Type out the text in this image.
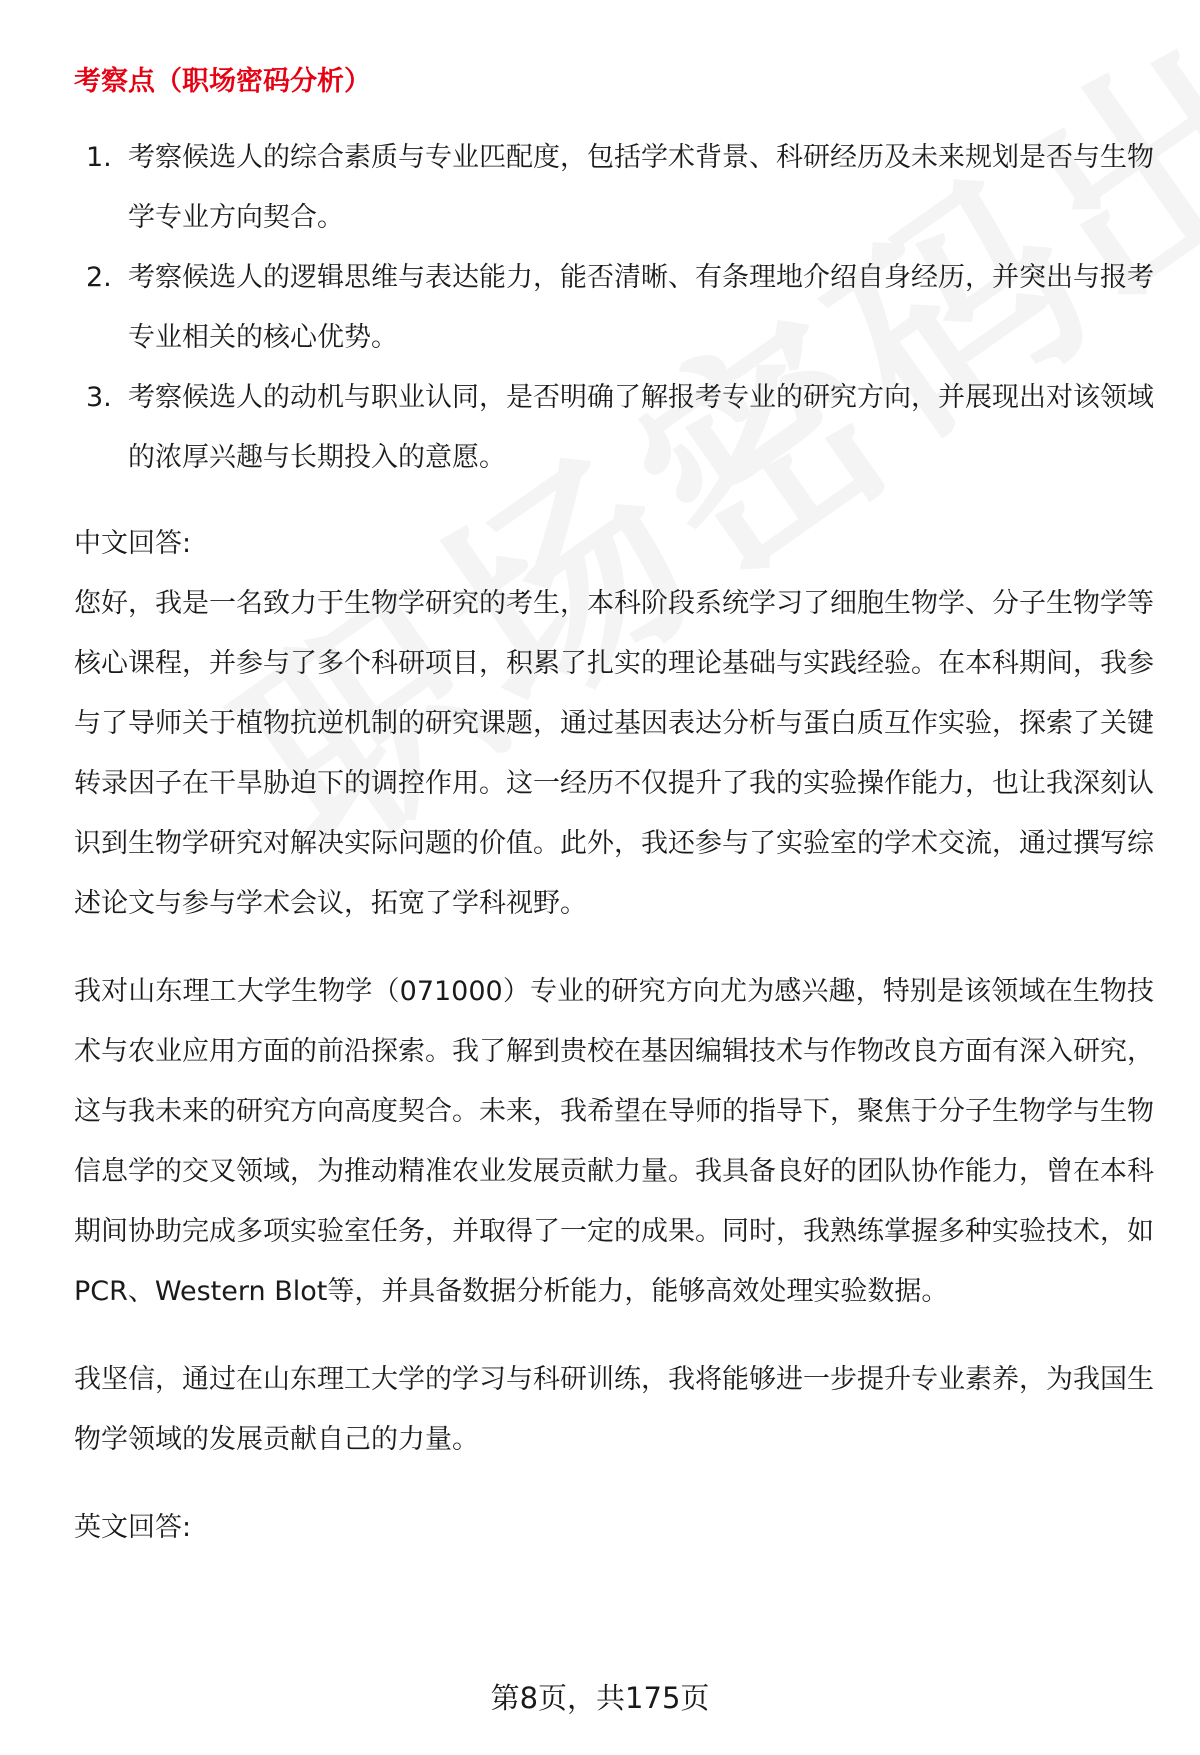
考察点（职场密码分析）
1. 考察候选人的综合素质与专业匹配度，包括学术背景、科研经历及未来规划是否与生物学专业方向契合。
2. 考察候选人的逻辑思维与表达能力，能否清晰、有条理地介绍自身经历，并突出与报考专业相关的核心优势。
3. 考察候选人的动机与职业认同，是否明确了解报考专业的研究方向，并展现出对该领域的浓厚兴趣与长期投入的意愿。
中文回答:

您好，我是一名致力于生物学研究的考生，本科阶段系统学习了细胞生物学、分子生物学等核心课程，并参与了多个科研项目，积累了扎实的理论基础与实践经验。在本科期间，我参与了导师关于植物抗逆机制的研究课题，通过基因表达分析与蛋白质互作实验，探索了关键转录因子在干旱胁迫下的调控作用。这一经历不仅提升了我的实验操作能力，也让我深刻认识到生物学研究对解决实际问题的价值。此外，我还参与了实验室的学术交流，通过撰写综述论文与参与学术会议，拓宽了学科视野。

我对山东理工大学生物学（071000）专业的研究方向尤为感兴趣，特别是该领域在生物技术与农业应用方面的前沿探索。我了解到贵校在基因编辑技术与作物改良方面有深入研究，这与我未来的研究方向高度契合。未来，我希望在导师的指导下，聚焦于分子生物学与生物信息学的交叉领域，为推动精准农业发展贡献力量。我具备良好的团队协作能力，曾在本科期间协助完成多项实验室任务，并取得了一定的成果。同时，我熟练掌握多种实验技术，如PCR、Western Blot等，并具备数据分析能力，能够高效处理实验数据。

我坚信，通过在山东理工大学的学习与科研训练，我将能够进一步提升专业素养，为我国生物学领域的发展贡献自己的力量。

英文回答:
第8页，共175页
